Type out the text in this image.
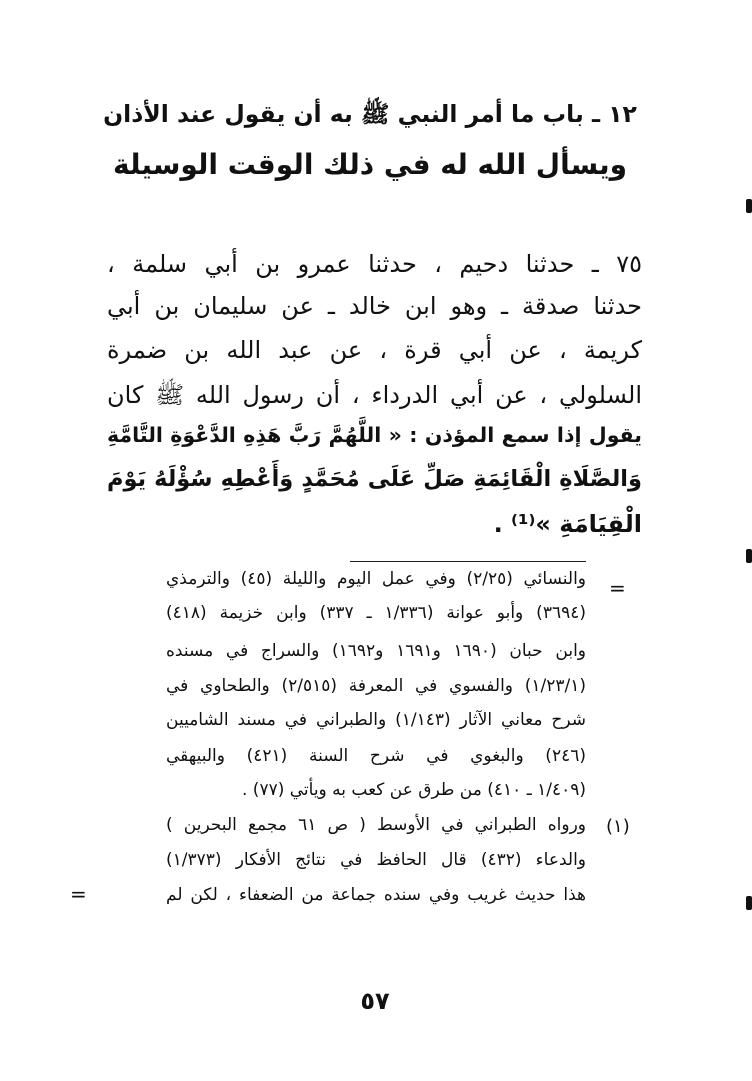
١٢ ـ باب ما أمر النبي ﷺ به أن يقول عند الأذان
ويسأل الله له في ذلك الوقت الوسيلة
٧٥ ـ حدثنا دحيم ، حدثنا عمرو بن أبي سلمة ،
حدثنا صدقة ـ وهو ابن خالد ـ عن سليمان بن أبي
كريمة ، عن أبي قرة ، عن عبد الله بن ضمرة
السلولي ، عن أبي الدرداء ، أن رسول الله ﷺ كان
يقول إذا سمع المؤذن : « اللَّهُمَّ رَبَّ هَذِهِ الدَّعْوَةِ التَّامَّةِ
وَالصَّلَاةِ الْقَائِمَةِ صَلِّ عَلَى مُحَمَّدٍ وَأَعْطِهِ سُؤْلَهُ يَوْمَ
الْقِيَامَةِ »⁽¹⁾ .
=
والنسائي (٢/٢٥) وفي عمل اليوم والليلة (٤٥) والترمذي
(٣٦٩٤) وأبو عوانة (١/٣٣٦ ـ ٣٣٧) وابن خزيمة (٤١٨)
وابن حبان (١٦٩٠ و١٦٩١ و١٦٩٢) والسراج في مسنده
(١/٢٣/١) والفسوي في المعرفة (٢/٥١٥) والطحاوي في
شرح معاني الآثار (١/١٤٣) والطبراني في مسند الشاميين
(٢٤٦) والبغوي في شرح السنة (٤٢١) والبيهقي
(١/٤٠٩ ـ ٤١٠) من طرق عن كعب به ويأتي (٧٧) .
(١)
ورواه الطبراني في الأوسط ( ص ٦١ مجمع البحرين )
والدعاء (٤٣٢) قال الحافظ في نتائج الأفكار (١/٣٧٣)
هذا حديث غريب وفي سنده جماعة من الضعفاء ، لكن لم
=
٥٧
